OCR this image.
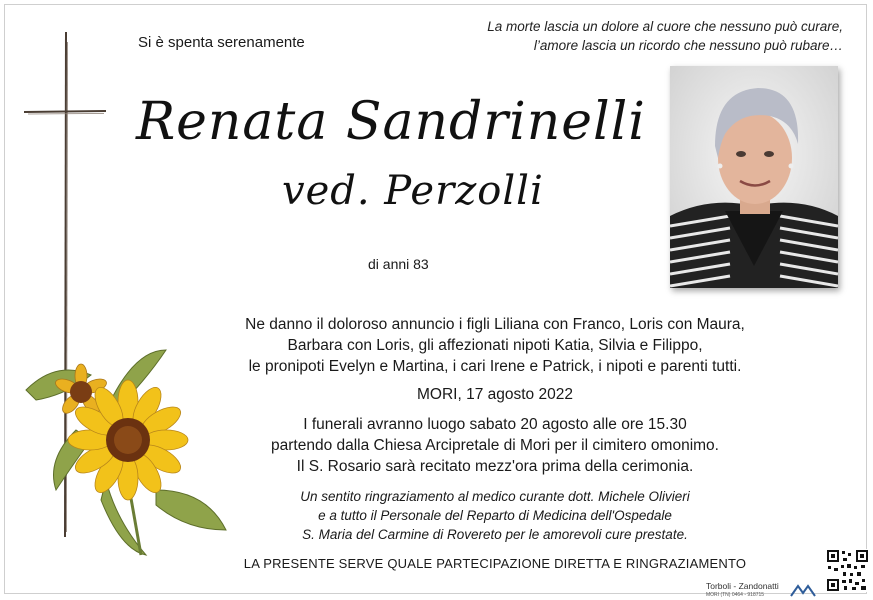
Si è spenta serenamente
La morte lascia un dolore al cuore che nessuno può curare,
l’amore lascia un ricordo che nessuno può rubare…
Renata Sandrinelli
ved. Perzolli
di anni 83
Ne danno il doloroso annuncio i figli Liliana con Franco, Loris con Maura,
Barbara con Loris, gli affezionati nipoti Katia, Silvia e Filippo,
le pronipoti Evelyn e Martina, i cari Irene e Patrick, i nipoti e parenti tutti.
MORI, 17 agosto 2022
I funerali avranno luogo sabato 20 agosto alle ore 15.30
partendo dalla Chiesa Arcipretale di Mori per il cimitero omonimo.
Il S. Rosario sarà recitato mezz'ora prima della cerimonia.
Un sentito ringraziamento al medico curante dott. Michele Olivieri
e a tutto il Personale del Reparto di Medicina dell'Ospedale
S. Maria del Carmine di Rovereto per le amorevoli cure prestate.
LA PRESENTE SERVE QUALE PARTECIPAZIONE DIRETTA E RINGRAZIAMENTO
Torboli - Zandonatti
MORI (TN) 0464 - 918715
